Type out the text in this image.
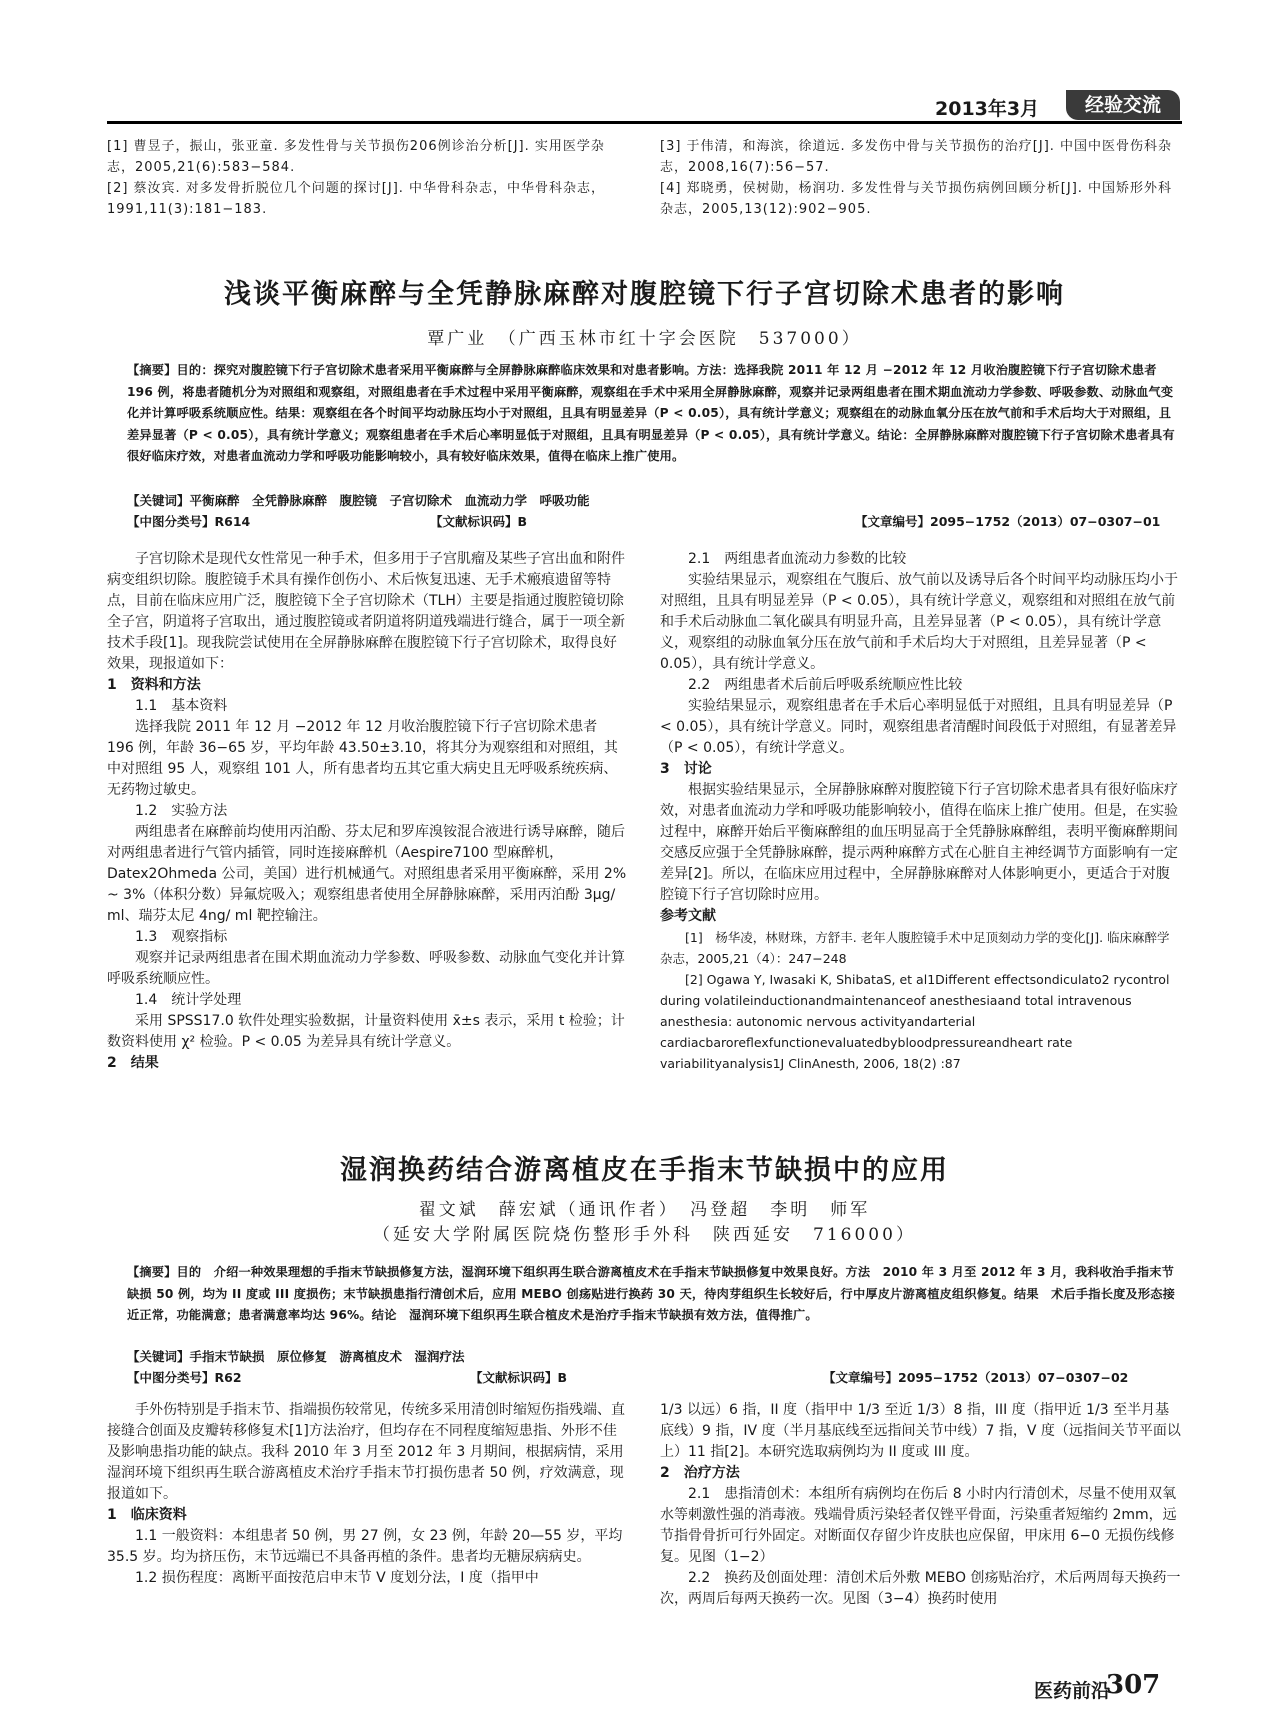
2013年3月	经验交流
[1] 曹昱子，振山，张亚童. 多发性骨与关节损伤206例诊治分析[J]. 实用医学杂志，2005,21(6):583−584.
[2] 蔡汝宾. 对多发骨折脱位几个问题的探讨[J]. 中华骨科杂志，中华骨科杂志，1991,11(3):181−183.
[3] 于伟清，和海滨，徐道远. 多发伤中骨与关节损伤的治疗[J]. 中国中医骨伤科杂志，2008,16(7):56−57.
[4] 郑晓勇，侯树勋，杨润功. 多发性骨与关节损伤病例回顾分析[J]. 中国矫形外科杂志，2005,13(12):902−905.
浅谈平衡麻醉与全凭静脉麻醉对腹腔镜下行子宫切除术患者的影响
覃广业　（广西玉林市红十字会医院　537000）
【摘要】目的：探究对腹腔镜下行子宫切除术患者采用平衡麻醉与全屏静脉麻醉临床效果和对患者影响。方法：选择我院 2011 年 12 月 −2012 年 12 月收治腹腔镜下行子宫切除术患者 196 例，将患者随机分为对照组和观察组，对照组患者在手术过程中采用平衡麻醉，观察组在手术中采用全屏静脉麻醉，观察并记录两组患者在围术期血流动力学参数、呼吸参数、动脉血气变化并计算呼吸系统顺应性。结果：观察组在各个时间平均动脉压均小于对照组，且具有明显差异（P < 0.05），具有统计学意义；观察组在的动脉血氧分压在放气前和手术后均大于对照组，且差异显著（P < 0.05），具有统计学意义；观察组患者在手术后心率明显低于对照组，且具有明显差异（P < 0.05），具有统计学意义。结论：全屏静脉麻醉对腹腔镜下行子宫切除术患者具有很好临床疗效，对患者血流动力学和呼吸功能影响较小，具有较好临床效果，值得在临床上推广使用。
【关键词】平衡麻醉　全凭静脉麻醉　腹腔镜　子宫切除术　血流动力学　呼吸功能
【中图分类号】R614	【文献标识码】B	【文章编号】2095−1752（2013）07−0307−01

子宫切除术是现代女性常见一种手术，但多用于子宫肌瘤及某些子宫出血和附件病变组织切除。腹腔镜手术具有操作创伤小、术后恢复迅速、无手术瘢痕遗留等特点，目前在临床应用广泛，腹腔镜下全子宫切除术（TLH）主要是指通过腹腔镜切除全子宫，阴道将子宫取出，通过腹腔镜或者阴道将阴道残端进行缝合，属于一项全新技术手段[1]。现我院尝试使用在全屏静脉麻醉在腹腔镜下行子宫切除术，取得良好效果，现报道如下：

1　资料和方法

1.1　基本资料

选择我院 2011 年 12 月 −2012 年 12 月收治腹腔镜下行子宫切除术患者 196 例，年龄 36−65 岁，平均年龄 43.50±3.10，将其分为观察组和对照组，其中对照组 95 人，观察组 101 人，所有患者均五其它重大病史且无呼吸系统疾病、无药物过敏史。

1.2　实验方法

两组患者在麻醉前均使用丙泊酚、芬太尼和罗库溴铵混合液进行诱导麻醉，随后对两组患者进行气管内插管，同时连接麻醉机（Aespire7100 型麻醉机，Datex2Ohmeda 公司，美国）进行机械通气。对照组患者采用平衡麻醉，采用 2% ~ 3%（体积分数）异氟烷吸入；观察组患者使用全屏静脉麻醉，采用丙泊酚 3μg/ ml、瑞芬太尼 4ng/ ml 靶控输注。

1.3　观察指标

观察并记录两组患者在围术期血流动力学参数、呼吸参数、动脉血气变化并计算呼吸系统顺应性。

1.4　统计学处理

采用 SPSS17.0 软件处理实验数据，计量资料使用 x̄±s 表示，采用 t 检验；计数资料使用 χ² 检验。P < 0.05 为差异具有统计学意义。

2　结果

2.1　两组患者血流动力参数的比较

实验结果显示，观察组在气腹后、放气前以及诱导后各个时间平均动脉压均小于对照组，且具有明显差异（P < 0.05），具有统计学意义，观察组和对照组在放气前和手术后动脉血二氧化碳具有明显升高，且差异显著（P < 0.05），具有统计学意义，观察组的动脉血氧分压在放气前和手术后均大于对照组，且差异显著（P < 0.05），具有统计学意义。

2.2　两组患者术后前后呼吸系统顺应性比较

实验结果显示，观察组患者在手术后心率明显低于对照组，且具有明显差异（P < 0.05），具有统计学意义。同时，观察组患者清醒时间段低于对照组，有显著差异（P < 0.05），有统计学意义。

3　讨论

根据实验结果显示，全屏静脉麻醉对腹腔镜下行子宫切除术患者具有很好临床疗效，对患者血流动力学和呼吸功能影响较小，值得在临床上推广使用。但是，在实验过程中，麻醉开始后平衡麻醉组的血压明显高于全凭静脉麻醉组，表明平衡麻醉期间交感反应强于全凭静脉麻醉，提示两种麻醉方式在心脏自主神经调节方面影响有一定差异[2]。所以，在临床应用过程中，全屏静脉麻醉对人体影响更小，更适合于对腹腔镜下行子宫切除时应用。

参考文献

[1]　杨华凌，林财珠，方舒丰. 老年人腹腔镜手术中足顶刻动力学的变化[J]. 临床麻醉学杂志，2005,21（4）：247−248

[2] Ogawa Y, Iwasaki K, ShibataS, et al1Different effectsondiculato2 rycontrol during volatileinductionandmaintenanceof anesthesiaand total intravenous anesthesia: autonomic nervous activityandarterial cardiacbaroreflexfunctionevaluatedbybloodpressureandheart rate variabilityanalysis1J ClinAnesth, 2006, 18(2) :87

湿润换药结合游离植皮在手指末节缺损中的应用
翟文斌　薛宏斌（通讯作者）　冯登超　李明　师军
（延安大学附属医院烧伤整形手外科　陕西延安　716000）
【摘要】目的　介绍一种效果理想的手指末节缺损修复方法，湿润环境下组织再生联合游离植皮术在手指末节缺损修复中效果良好。方法　2010 年 3 月至 2012 年 3 月，我科收治手指末节缺损 50 例，均为 II 度或 III 度损伤；末节缺损患指行清创术后，应用 MEBO 创疡贴进行换药 30 天，待肉芽组织生长较好后，行中厚皮片游离植皮组织修复。结果　术后手指长度及形态接近正常，功能满意；患者满意率均达 96%。结论　湿润环境下组织再生联合植皮术是治疗手指末节缺损有效方法，值得推广。
【关键词】手指末节缺损　原位修复　游离植皮术　湿润疗法
【中图分类号】R62	【文献标识码】B	【文章编号】2095−1752（2013）07−0307−02

手外伤特别是手指末节、指端损伤较常见，传统多采用清创时缩短伤指残端、直接缝合创面及皮瓣转移修复术[1]方法治疗，但均存在不同程度缩短患指、外形不佳及影响患指功能的缺点。我科 2010 年 3 月至 2012 年 3 月期间，根据病情，采用湿润环境下组织再生联合游离植皮术治疗手指末节打损伤患者 50 例，疗效满意，现报道如下。

1　临床资料

1.1 一般资料：本组患者 50 例，男 27 例，女 23 例，年龄 20—55 岁，平均 35.5 岁。均为挤压伤，末节远端已不具备再植的条件。患者均无糖尿病病史。

1.2 损伤程度：离断平面按范启申末节 V 度划分法，I 度（指甲中

1/3 以远）6 指，II 度（指甲中 1/3 至近 1/3）8 指，III 度（指甲近 1/3 至半月基底线）9 指，IV 度（半月基底线至远指间关节中线）7 指，V 度（远指间关节平面以上）11 指[2]。本研究选取病例均为 II 度或 III 度。

2　治疗方法

2.1　患指清创术：本组所有病例均在伤后 8 小时内行清创术，尽量不使用双氧水等刺激性强的消毒液。残端骨质污染轻者仅锉平骨面，污染重者短缩约 2mm，远节指骨骨折可行外固定。对断面仅存留少许皮肤也应保留，甲床用 6−0 无损伤线修复。见图（1−2）

2.2　换药及创面处理：清创术后外敷 MEBO 创疡贴治疗，术后两周每天换药一次，两周后每两天换药一次。见图（3−4）换药时使用

医药前沿
307
